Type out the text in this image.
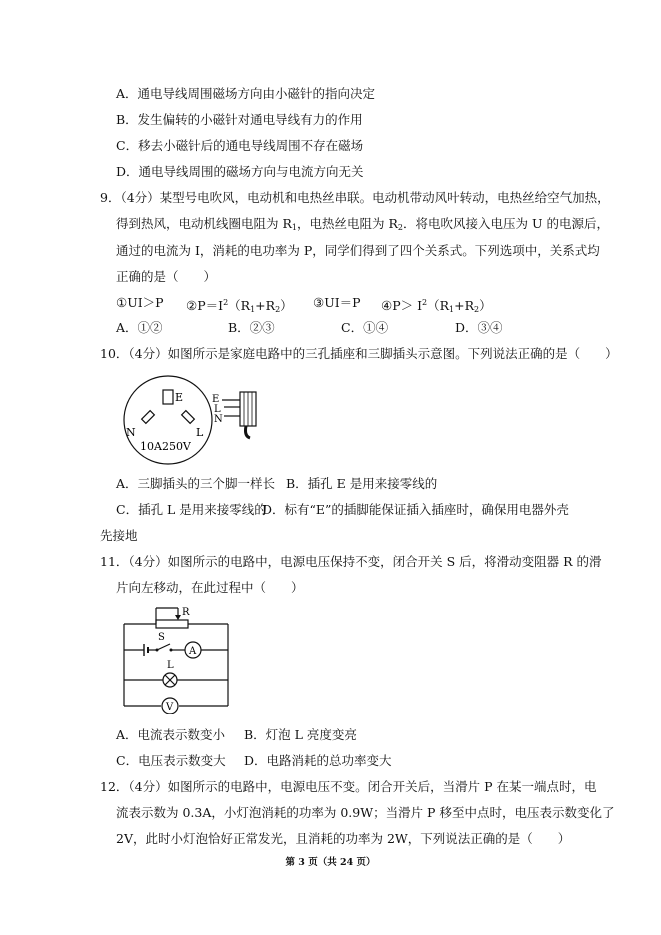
A．通电导线周围磁场方向由小磁针的指向决定
B．发生偏转的小磁针对通电导线有力的作用
C．移去小磁针后的通电导线周围不存在磁场
D．通电导线周围的磁场方向与电流方向无关
9．（4分）某型号电吹风，电动机和电热丝串联。电动机带动风叶转动，电热丝给空气加热，
得到热风，电动机线圈电阻为 $R_1$，电热丝电阻为 $R_2$．将电吹风接入电压为 U 的电源后，
通过的电流为 I，消耗的电功率为 P，同学们得到了四个关系式。下列选项中，关系式均
正确的是（　　）
①UI＞P $②P=I^2(R_1+R_2)$ ③UI＝P ④P＞ $I^2(R_1+R_2)$
A．①②	B．②③	C．①④	D．③④
10．（4分）如图所示是家庭电路中的三孔插座和三脚插头示意图。下列说法正确的是（　　）
E
N	L
10A250V
E
L
N
A．三脚插头的三个脚一样长 B．插孔 E 是用来接零线的
C．插孔 L 是用来接零线的
D．标有“E”的插脚能保证插入插座时，确保用电器外壳
先接地
11．（4分）如图所示的电路中，电源电压保持不变，闭合开关 S 后，将滑动变阻器 R 的滑
片向左移动，在此过程中（　　）
R
S
A
L
V
A．电流表示数变小 B．灯泡 L 亮度变亮
C．电压表示数变大 D．电路消耗的总功率变大
12．（4分）如图所示的电路中，电源电压不变。闭合开关后，当滑片 P 在某一端点时，电
流表示数为 0.3A，小灯泡消耗的功率为 0.9W；当滑片 P 移至中点时，电压表示数变化了
2V，此时小灯泡恰好正常发光，且消耗的功率为 2W，下列说法正确的是（　　）
第 3 页（共 24 页）
